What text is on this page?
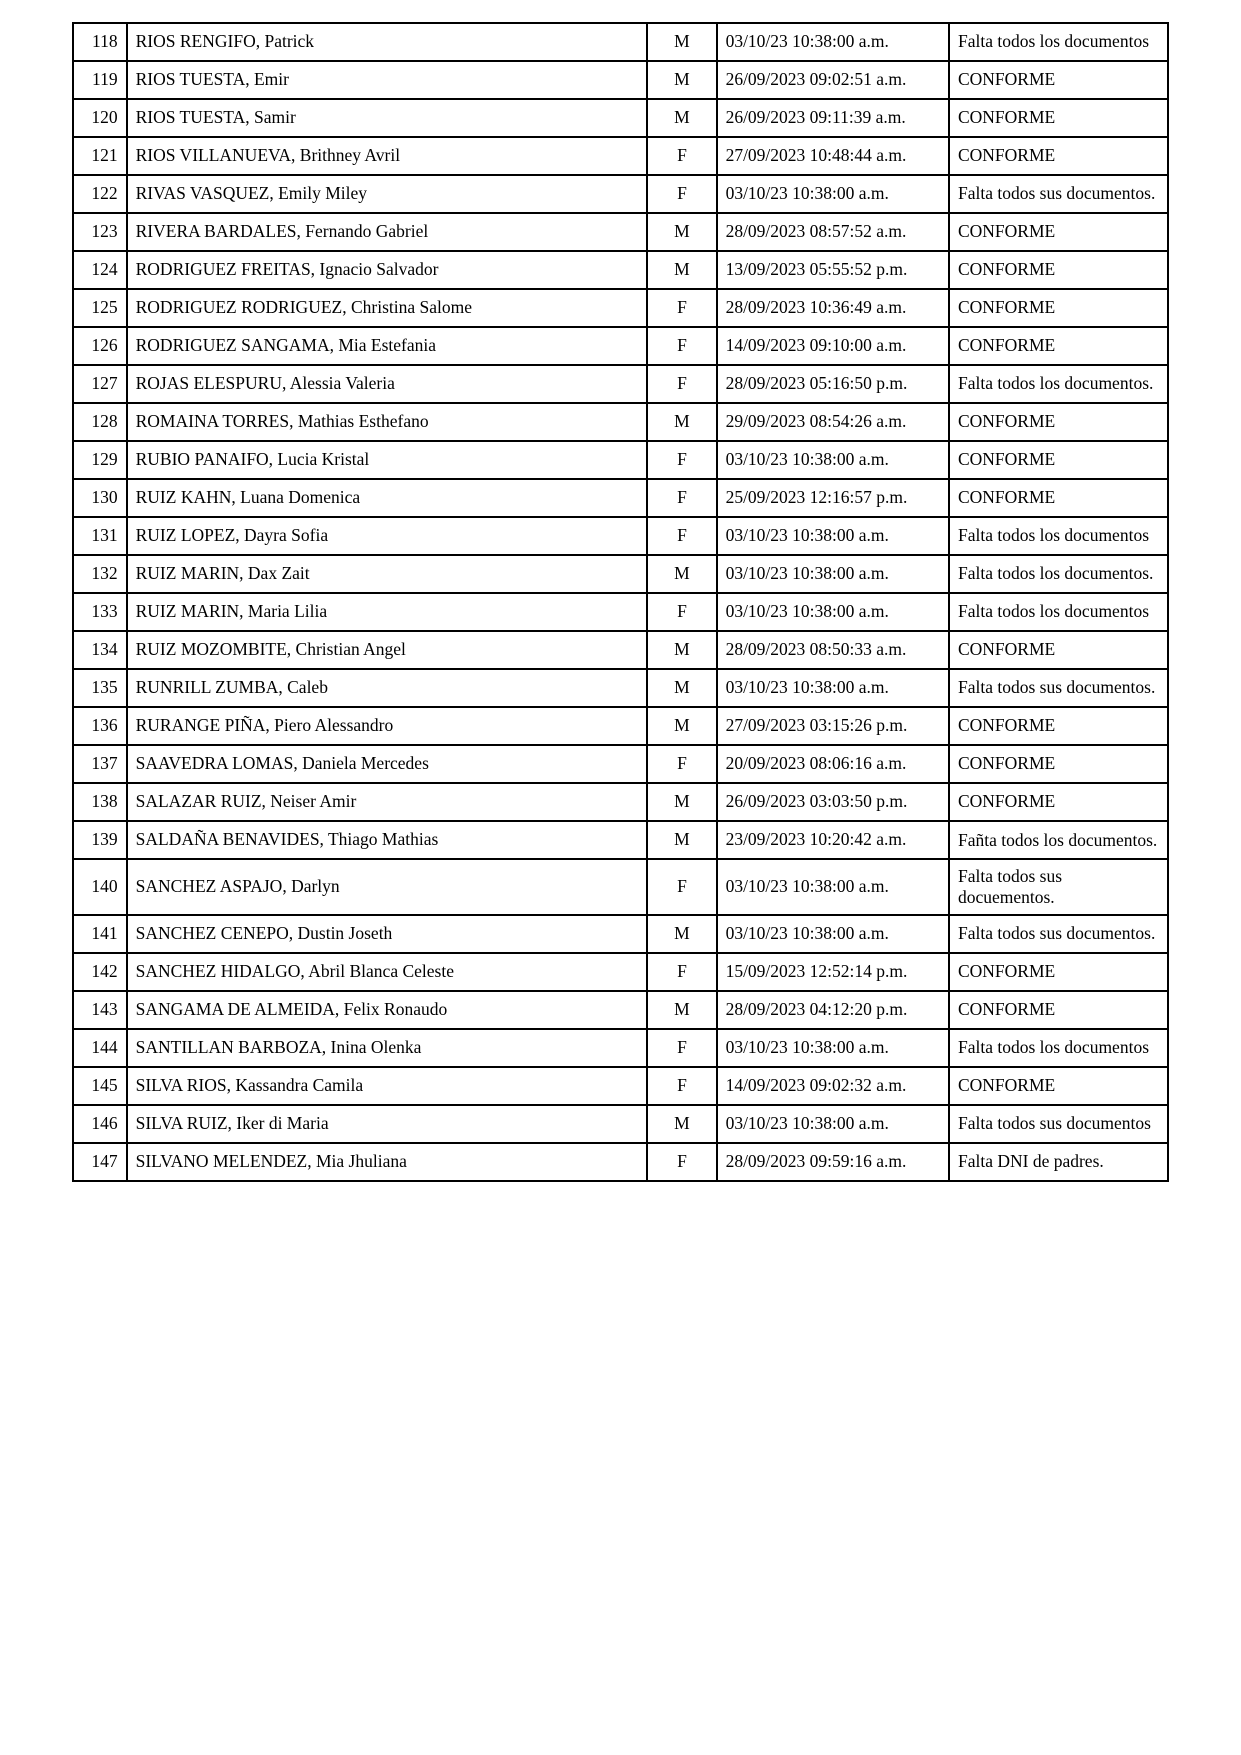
118	RIOS RENGIFO, Patrick	M	03/10/23 10:38:00 a.m.	Falta todos los documentos
119	RIOS TUESTA, Emir	M	26/09/2023 09:02:51 a.m.	CONFORME
120	RIOS TUESTA, Samir	M	26/09/2023 09:11:39 a.m.	CONFORME
121	RIOS VILLANUEVA, Brithney Avril	F	27/09/2023 10:48:44 a.m.	CONFORME
122	RIVAS VASQUEZ, Emily Miley	F	03/10/23 10:38:00 a.m.	Falta todos sus documentos.
123	RIVERA BARDALES, Fernando Gabriel	M	28/09/2023 08:57:52 a.m.	CONFORME
124	RODRIGUEZ FREITAS, Ignacio Salvador	M	13/09/2023 05:55:52 p.m.	CONFORME
125	RODRIGUEZ RODRIGUEZ, Christina Salome	F	28/09/2023 10:36:49 a.m.	CONFORME
126	RODRIGUEZ SANGAMA, Mia Estefania	F	14/09/2023 09:10:00 a.m.	CONFORME
127	ROJAS ELESPURU, Alessia Valeria	F	28/09/2023 05:16:50 p.m.	Falta todos los documentos.
128	ROMAINA TORRES, Mathias Esthefano	M	29/09/2023 08:54:26 a.m.	CONFORME
129	RUBIO PANAIFO, Lucia Kristal	F	03/10/23 10:38:00 a.m.	CONFORME
130	RUIZ KAHN, Luana Domenica	F	25/09/2023 12:16:57 p.m.	CONFORME
131	RUIZ LOPEZ, Dayra Sofia	F	03/10/23 10:38:00 a.m.	Falta todos los documentos
132	RUIZ MARIN, Dax Zait	M	03/10/23 10:38:00 a.m.	Falta todos los documentos.
133	RUIZ MARIN, Maria Lilia	F	03/10/23 10:38:00 a.m.	Falta todos los documentos
134	RUIZ MOZOMBITE, Christian Angel	M	28/09/2023 08:50:33 a.m.	CONFORME
135	RUNRILL ZUMBA, Caleb	M	03/10/23 10:38:00 a.m.	Falta todos sus documentos.
136	RURANGE PIÑA, Piero Alessandro	M	27/09/2023 03:15:26 p.m.	CONFORME
137	SAAVEDRA LOMAS, Daniela Mercedes	F	20/09/2023 08:06:16 a.m.	CONFORME
138	SALAZAR RUIZ, Neiser Amir	M	26/09/2023 03:03:50 p.m.	CONFORME
139	SALDAÑA BENAVIDES, Thiago Mathias	M	23/09/2023 10:20:42 a.m.	Fañta todos los documentos.
140	SANCHEZ ASPAJO, Darlyn	F	03/10/23 10:38:00 a.m.	Falta todos sus docuementos.
141	SANCHEZ CENEPO, Dustin Joseth	M	03/10/23 10:38:00 a.m.	Falta todos sus documentos.
142	SANCHEZ HIDALGO, Abril Blanca Celeste	F	15/09/2023 12:52:14 p.m.	CONFORME
143	SANGAMA DE ALMEIDA, Felix Ronaudo	M	28/09/2023 04:12:20 p.m.	CONFORME
144	SANTILLAN BARBOZA, Inina Olenka	F	03/10/23 10:38:00 a.m.	Falta todos los documentos
145	SILVA RIOS, Kassandra Camila	F	14/09/2023 09:02:32 a.m.	CONFORME
146	SILVA RUIZ, Iker di Maria	M	03/10/23 10:38:00 a.m.	Falta todos sus documentos
147	SILVANO MELENDEZ, Mia Jhuliana	F	28/09/2023 09:59:16 a.m.	Falta DNI de padres.
